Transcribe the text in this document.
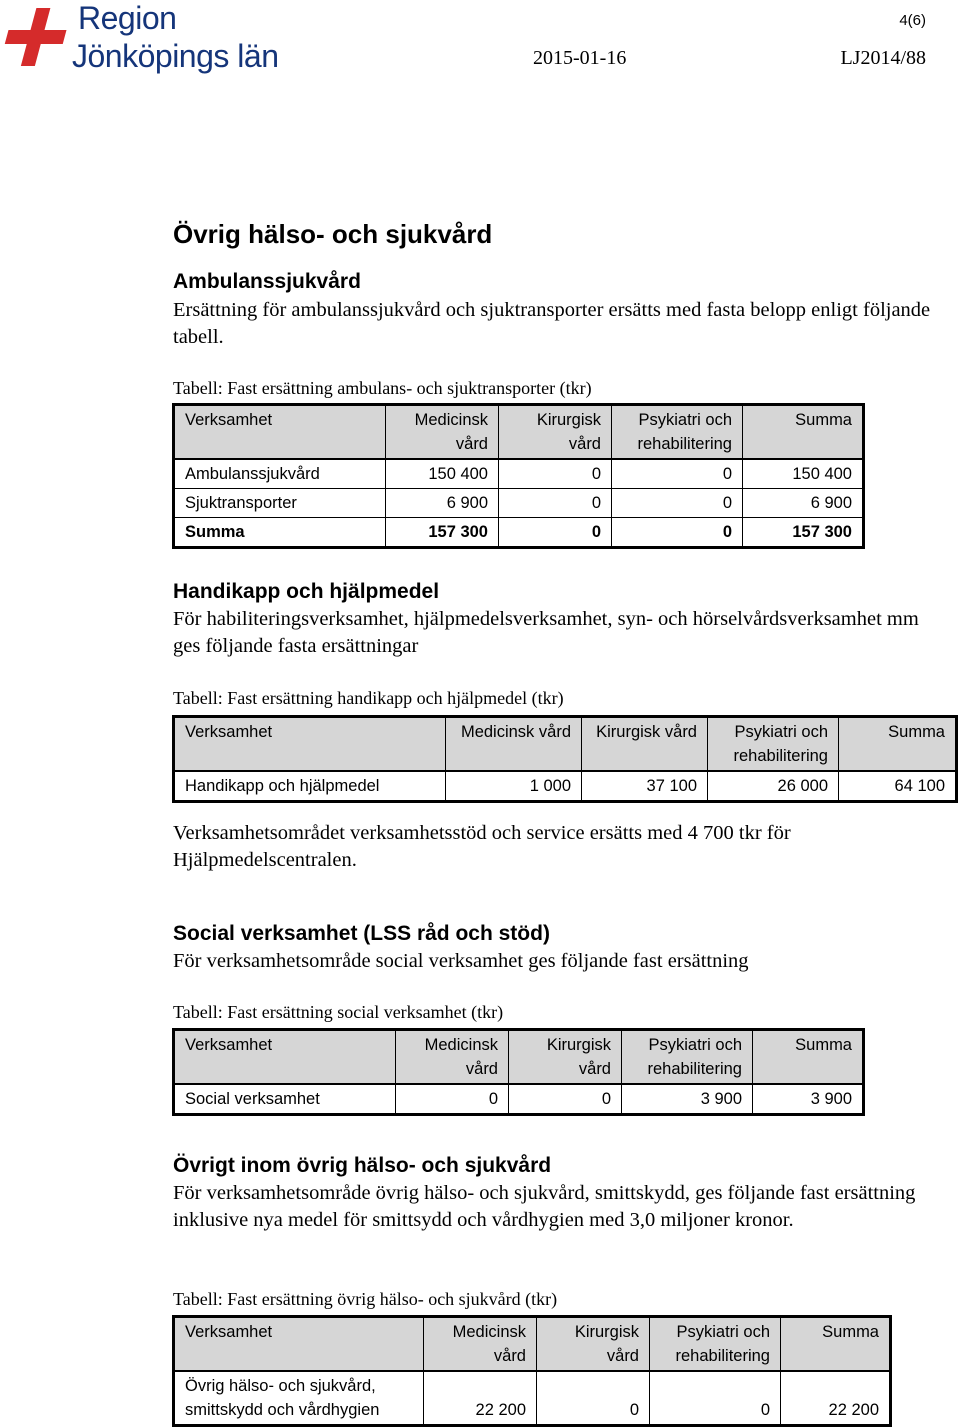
Region
Jönköpings län
4(6)
2015-01-16	LJ2014/88
Övrig hälso- och sjukvård
Ambulanssjukvård

Ersättning för ambulanssjukvård och sjuktransporter ersätts med fasta belopp enligt följande tabell.

Tabell: Fast ersättning ambulans- och sjuktransporter (tkr)
Verksamhet	Medicinsk vård	Kirurgisk vård	Psykiatri och rehabilitering	Summa
Ambulanssjukvård	150 400	0	0	150 400
Sjuktransporter	6 900	0	0	6 900
Summa	157 300	0	0	157 300
Handikapp och hjälpmedel

För habiliteringsverksamhet, hjälpmedelsverksamhet, syn- och hörselvårdsverksamhet mm ges följande fasta ersättningar

Tabell: Fast ersättning handikapp och hjälpmedel (tkr)
Verksamhet	Medicinsk vård	Kirurgisk vård	Psykiatri och rehabilitering	Summa
Handikapp och hjälpmedel	1 000	37 100	26 000	64 100

Verksamhetsområdet verksamhetsstöd och service ersätts med 4 700 tkr för Hjälpmedelscentralen.

Social verksamhet (LSS råd och stöd)

För verksamhetsområde social verksamhet ges följande fast ersättning

Tabell: Fast ersättning social verksamhet (tkr)
Verksamhet	Medicinsk vård	Kirurgisk vård	Psykiatri och rehabilitering	Summa
Social verksamhet	0	0	3 900	3 900
Övrigt inom övrig hälso- och sjukvård

För verksamhetsområde övrig hälso- och sjukvård, smittskydd, ges följande fast ersättning inklusive nya medel för smittsydd och vårdhygien med 3,0 miljoner kronor.

Tabell: Fast ersättning övrig hälso- och sjukvård (tkr)
Verksamhet	Medicinsk vård	Kirurgisk vård	Psykiatri och rehabilitering	Summa
Övrig hälso- och sjukvård, smittskydd och vårdhygien	22 200	0	0	22 200
